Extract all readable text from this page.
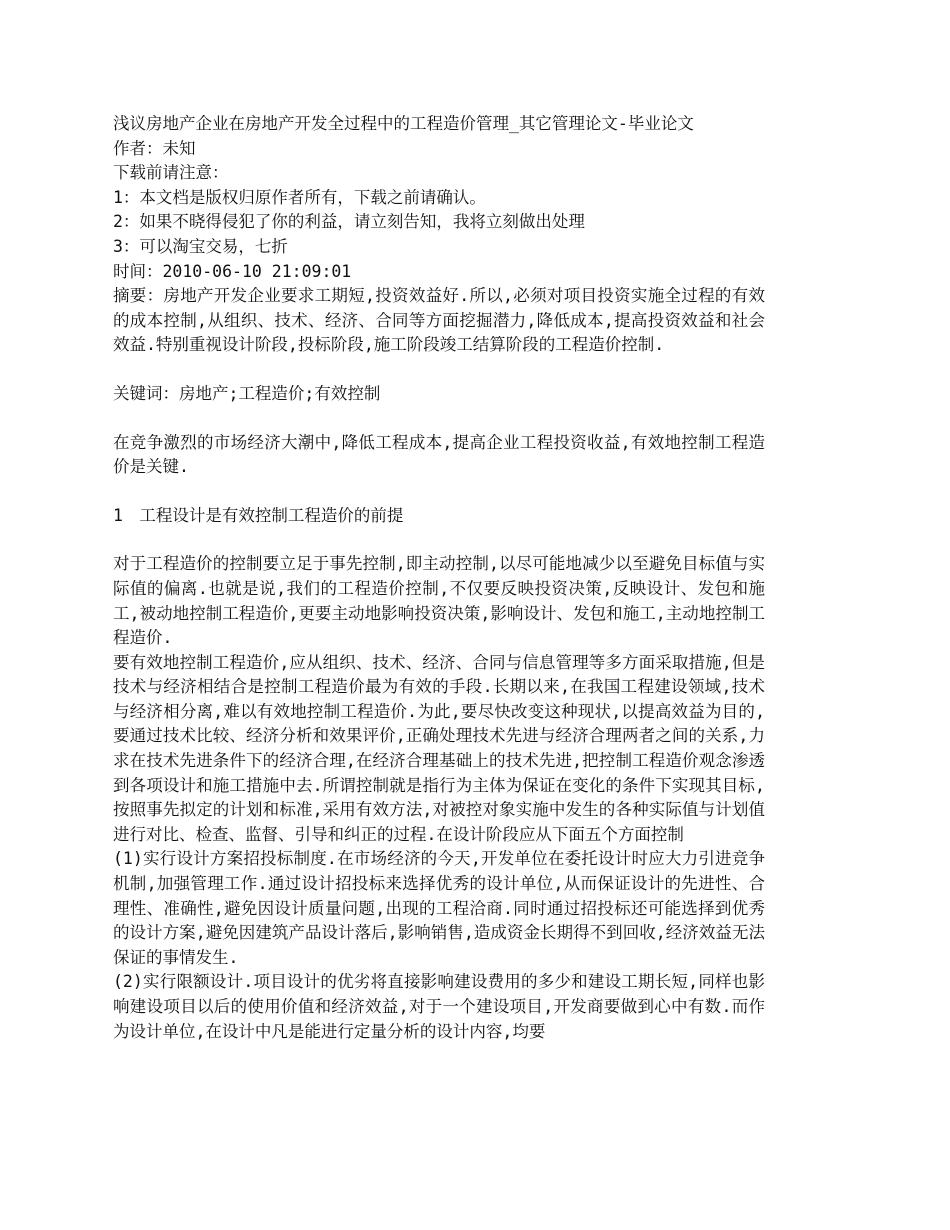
浅议房地产企业在房地产开发全过程中的工程造价管理_其它管理论文-毕业论文

作者：未知

下载前请注意：

1：本文档是版权归原作者所有，下载之前请确认。

2：如果不晓得侵犯了你的利益，请立刻告知，我将立刻做出处理

3：可以淘宝交易，七折

时间：2010-06-10 21:09:01

摘要：房地产开发企业要求工期短,投资效益好.所以,必须对项目投资实施全过程的有效的成本控制,从组织、技术、经济、合同等方面挖掘潜力,降低成本,提高投资效益和社会效益.特别重视设计阶段,投标阶段,施工阶段竣工结算阶段的工程造价控制.

关键词：房地产;工程造价;有效控制

在竞争激烈的市场经济大潮中,降低工程成本,提高企业工程投资收益,有效地控制工程造价是关键.

1　工程设计是有效控制工程造价的前提

对于工程造价的控制要立足于事先控制,即主动控制,以尽可能地减少以至避免目标值与实际值的偏离.也就是说,我们的工程造价控制,不仅要反映投资决策,反映设计、发包和施工,被动地控制工程造价,更要主动地影响投资决策,影响设计、发包和施工,主动地控制工程造价.

要有效地控制工程造价,应从组织、技术、经济、合同与信息管理等多方面采取措施,但是技术与经济相结合是控制工程造价最为有效的手段.长期以来,在我国工程建设领域,技术与经济相分离,难以有效地控制工程造价.为此,要尽快改变这种现状,以提高效益为目的,要通过技术比较、经济分析和效果评价,正确处理技术先进与经济合理两者之间的关系,力求在技术先进条件下的经济合理,在经济合理基础上的技术先进,把控制工程造价观念渗透到各项设计和施工措施中去.所谓控制就是指行为主体为保证在变化的条件下实现其目标,按照事先拟定的计划和标准,采用有效方法,对被控对象实施中发生的各种实际值与计划值进行对比、检查、监督、引导和纠正的过程.在设计阶段应从下面五个方面控制

(1)实行设计方案招投标制度.在市场经济的今天,开发单位在委托设计时应大力引进竞争机制,加强管理工作.通过设计招投标来选择优秀的设计单位,从而保证设计的先进性、合理性、准确性,避免因设计质量问题,出现的工程洽商.同时通过招投标还可能选择到优秀的设计方案,避免因建筑产品设计落后,影响销售,造成资金长期得不到回收,经济效益无法保证的事情发生.

(2)实行限额设计.项目设计的优劣将直接影响建设费用的多少和建设工期长短,同样也影响建设项目以后的使用价值和经济效益,对于一个建设项目,开发商要做到心中有数.而作为设计单位,在设计中凡是能进行定量分析的设计内容,均要
